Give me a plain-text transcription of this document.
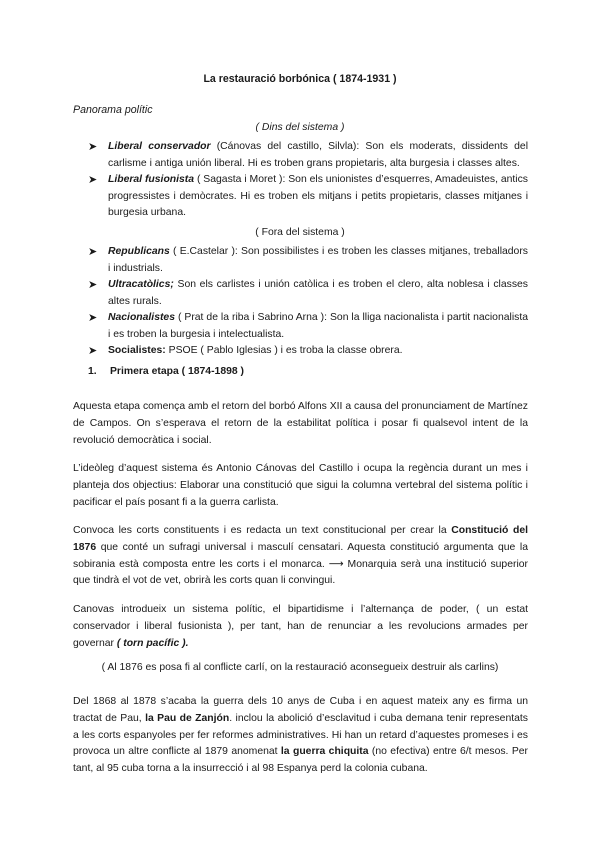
La restauració borbónica ( 1874-1931 )
Panorama polític
( Dins del sistema )
➤ Liberal conservador (Cánovas del castillo, Silvla): Son els moderats, dissidents del carlisme i antiga unión liberal. Hi es troben grans propietaris, alta burgesia i classes altes.
➤ Liberal fusionista ( Sagasta i Moret ): Son els unionistes d’esquerres, Amadeuistes, antics progressistes i demòcrates. Hi es troben els mitjans i petits propietaris, classes mitjanes i burgesia urbana.
( Fora del sistema )
➤ Republicans ( E.Castelar ): Son possibilistes i es troben les classes mitjanes, treballadors i industrials.
➤ Ultracatòlics; Son els carlistes i unión catòlica i es troben el clero, alta noblesa i classes altes rurals.
➤ Nacionalistes ( Prat de la riba i Sabrino Arna ): Son la lliga nacionalista i partit nacionalista i es troben la burgesia i intelectualista.
➤ Socialistes: PSOE ( Pablo Iglesias ) i es troba la classe obrera.
1. Primera etapa ( 1874-1898 )
Aquesta etapa comença amb el retorn del borbó Alfons XII a causa del pronunciament de Martínez de Campos. On s’esperava el retorn de la estabilitat política i posar fi qualsevol intent de la revolució democràtica i social.
L’ideòleg d’aquest sistema és Antonio Cánovas del Castillo i ocupa la regència durant un mes i planteja dos objectius: Elaborar una constitució que sigui la columna vertebral del sistema polític i pacificar el país posant fi a la guerra carlista.
Convoca les corts constituents i es redacta un text constitucional per crear la Constitució del 1876 que conté un sufragi universal i masculí censatari. Aquesta constitució argumenta que la sobirania està composta entre les corts i el monarca. ⟶ Monarquia serà una institució superior que tindrà el vot de vet, obrirà les corts quan li convingui.
Canovas introdueix un sistema polític, el bipartidisme i l’alternança de poder, ( un estat conservador i liberal fusionista ), per tant, han de renunciar a les revolucions armades per governar ( torn pacífic ).
( Al 1876 es posa fi al conflicte carlí, on la restauració aconsegueix destruir als carlins)
Del 1868 al 1878 s’acaba la guerra dels 10 anys de Cuba i en aquest mateix any es firma un tractat de Pau, la Pau de Zanjón. inclou la abolició d’esclavitud i cuba demana tenir representats a les corts espanyoles per fer reformes administratives. Hi han un retard d’aquestes promeses i es provoca un altre conflicte al 1879 anomenat la guerra chiquita (no efectiva) entre 6/t mesos. Per tant, al 95 cuba torna a la insurrecció i al 98 Espanya perd la colonia cubana.
